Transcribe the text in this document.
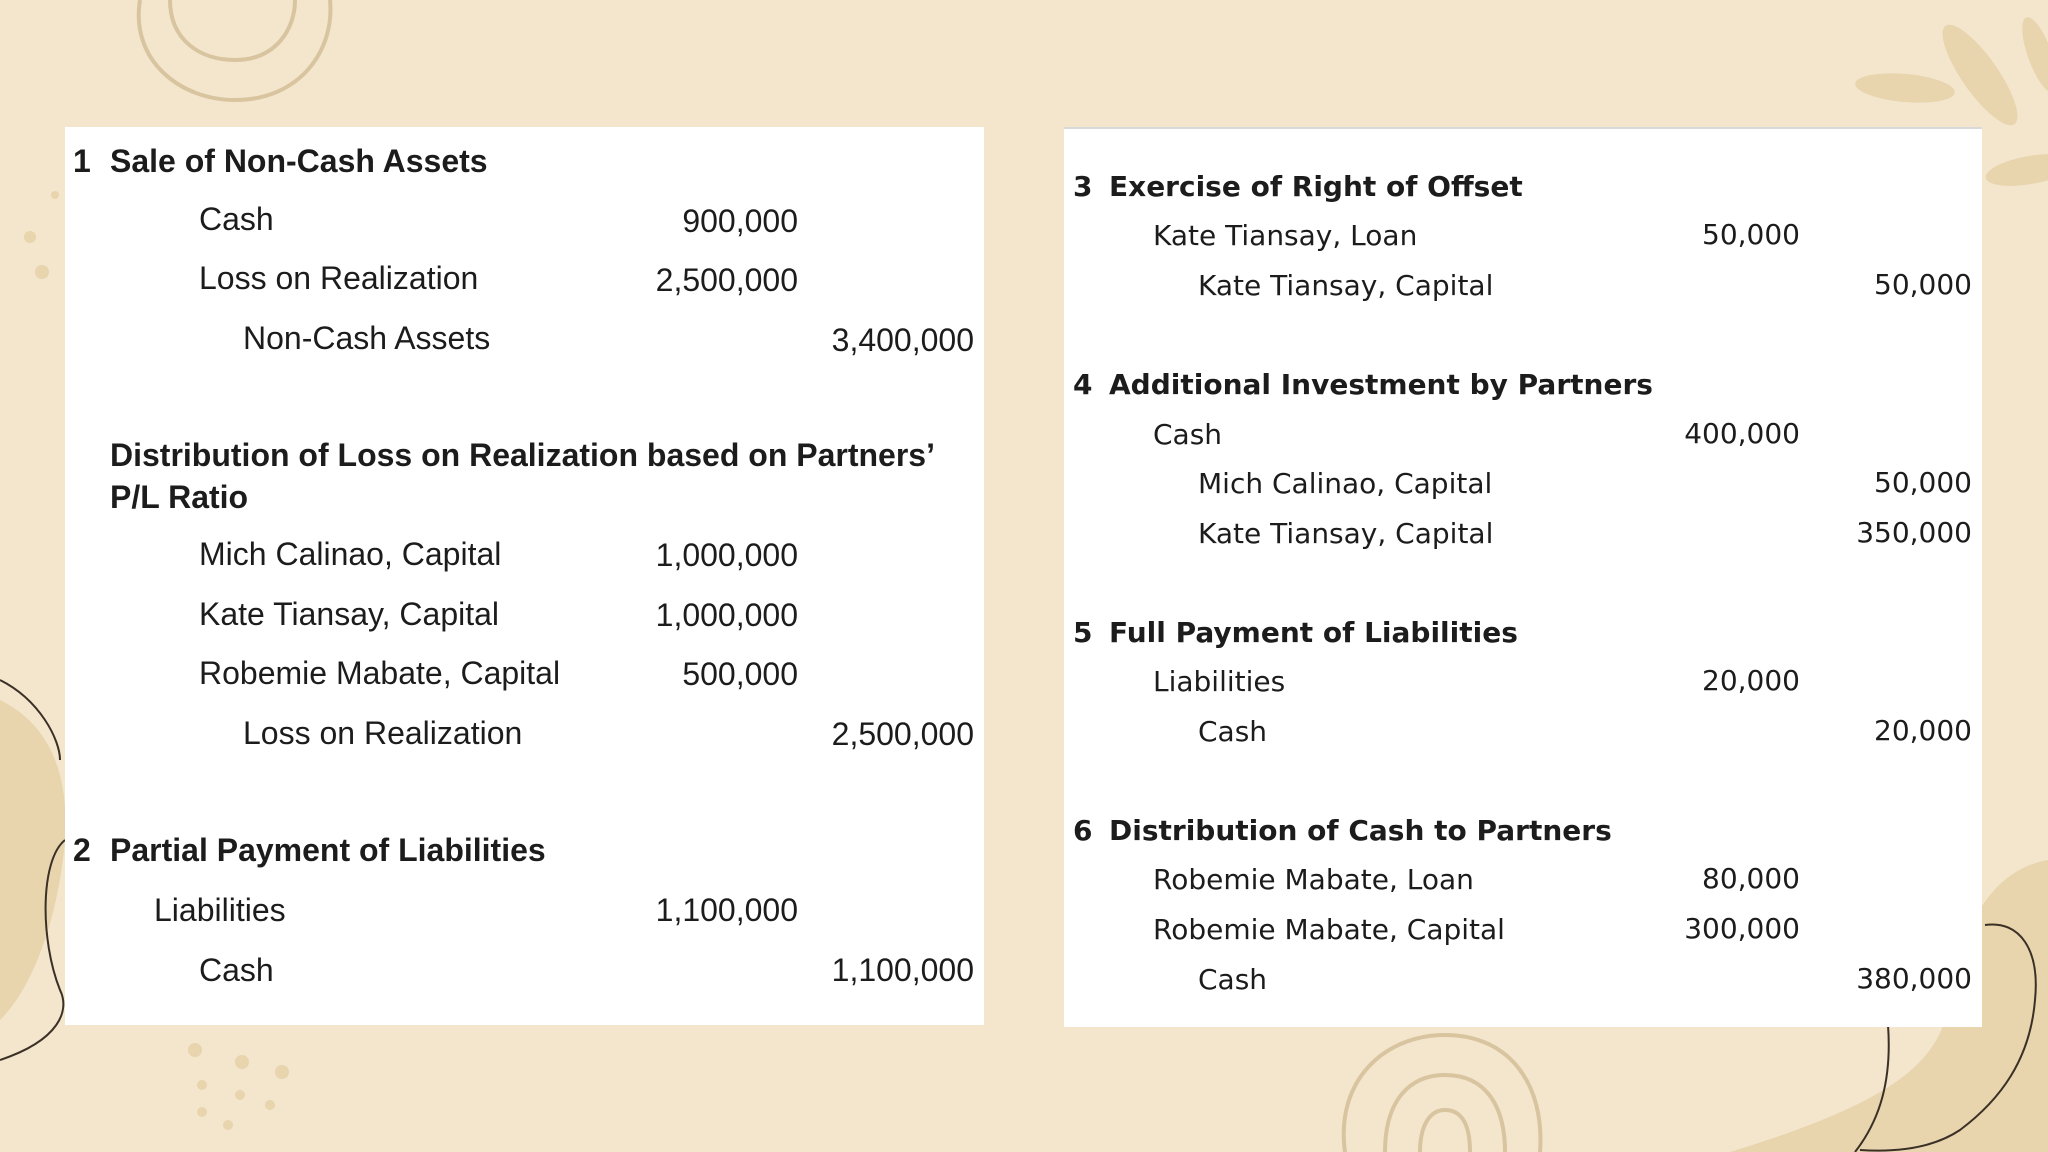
1 Sale of Non-Cash Assets
Cash	900,000
Loss on Realization	2,500,000
Non-Cash Assets	3,400,000
Distribution of Loss on Realization based on Partners’ P/L Ratio
Mich Calinao, Capital	1,000,000
Kate Tiansay, Capital	1,000,000
Robemie Mabate, Capital	500,000
Loss on Realization	2,500,000
2 Partial Payment of Liabilities
Liabilities	1,100,000
Cash	1,100,000
3 Exercise of Right of Offset
Kate Tiansay, Loan	50,000
Kate Tiansay, Capital	50,000
4 Additional Investment by Partners
Cash	400,000
Mich Calinao, Capital	50,000
Kate Tiansay, Capital	350,000
5 Full Payment of Liabilities
Liabilities	20,000
Cash	20,000
6 Distribution of Cash to Partners
Robemie Mabate, Loan	80,000
Robemie Mabate, Capital	300,000
Cash	380,000
